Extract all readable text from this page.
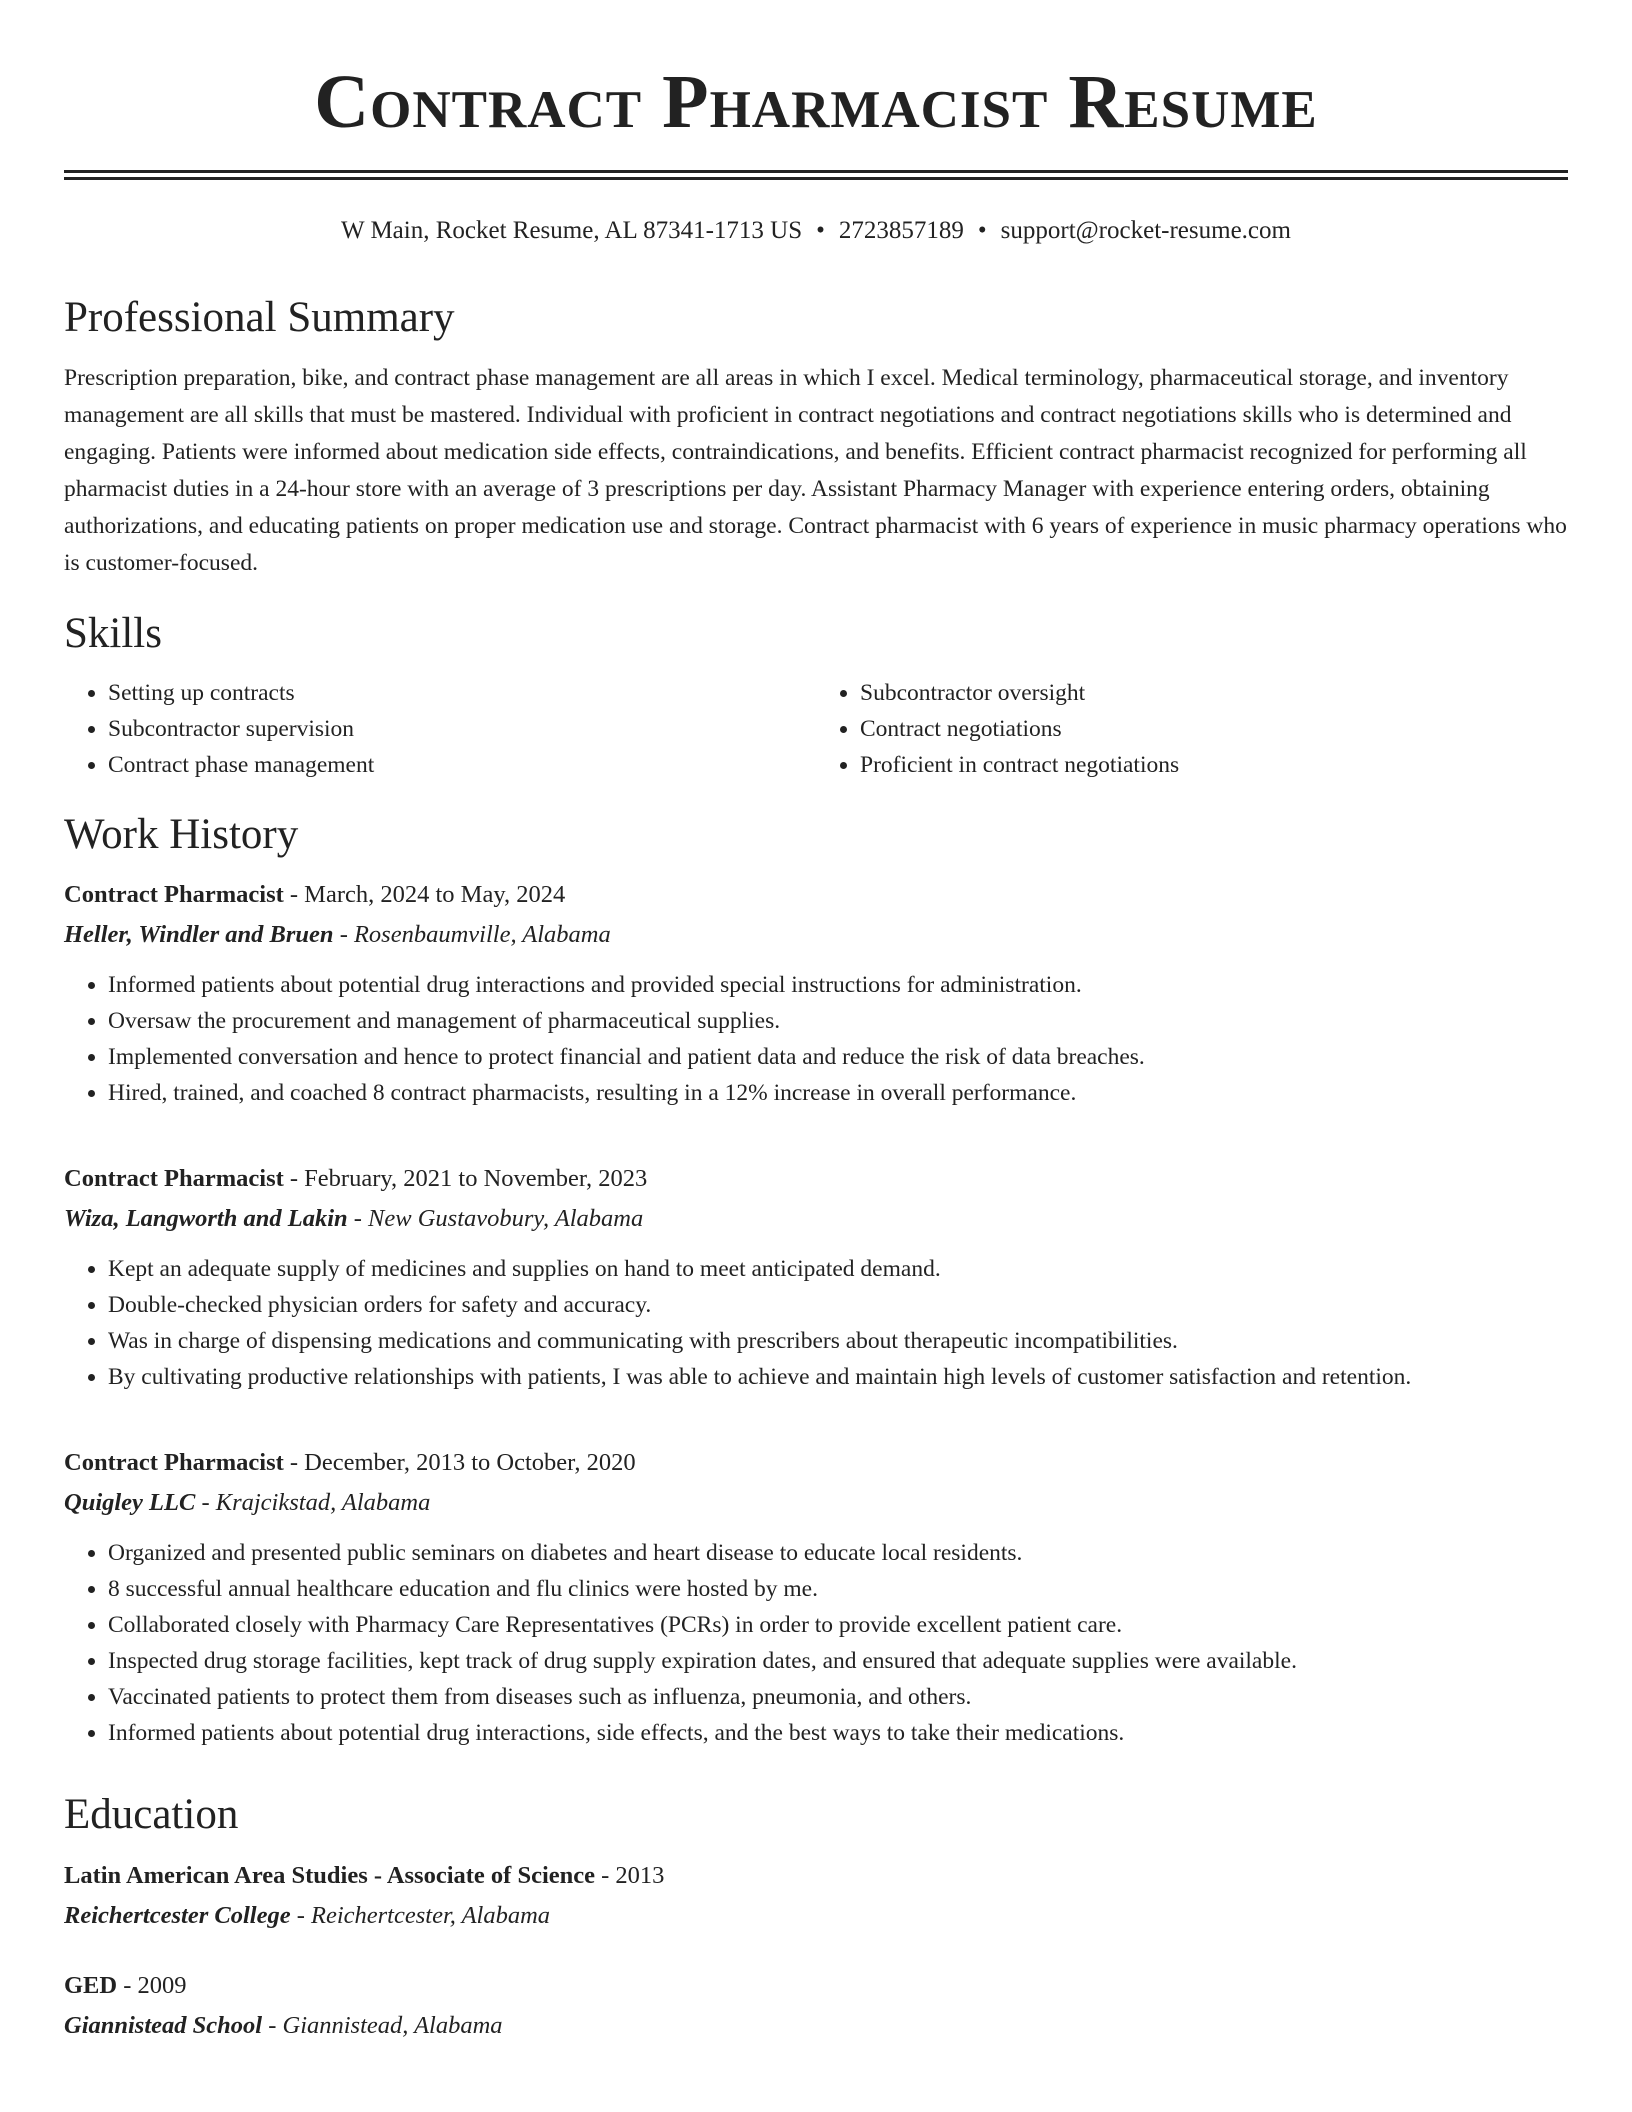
Contract Pharmacist Resume
W Main, Rocket Resume, AL 87341-1713 US • 2723857189 • support@rocket-resume.com
Professional Summary

Prescription preparation, bike, and contract phase management are all areas in which I excel. Medical terminology, pharmaceutical storage, and inventory management are all skills that must be mastered. Individual with proficient in contract negotiations and contract negotiations skills who is determined and engaging. Patients were informed about medication side effects, contraindications, and benefits. Efficient contract pharmacist recognized for performing all pharmacist duties in a 24-hour store with an average of 3 prescriptions per day. Assistant Pharmacy Manager with experience entering orders, obtaining authorizations, and educating patients on proper medication use and storage. Contract pharmacist with 6 years of experience in music pharmacy operations who is customer-focused.

Skills
• Setting up contracts
• Subcontractor supervision
• Contract phase management
• Subcontractor oversight
• Contract negotiations
• Proficient in contract negotiations
Work History
Contract Pharmacist - March, 2024 to May, 2024
Heller, Windler and Bruen - Rosenbaumville, Alabama
• Informed patients about potential drug interactions and provided special instructions for administration.
• Oversaw the procurement and management of pharmaceutical supplies.
• Implemented conversation and hence to protect financial and patient data and reduce the risk of data breaches.
• Hired, trained, and coached 8 contract pharmacists, resulting in a 12% increase in overall performance.
Contract Pharmacist - February, 2021 to November, 2023
Wiza, Langworth and Lakin - New Gustavobury, Alabama
• Kept an adequate supply of medicines and supplies on hand to meet anticipated demand.
• Double-checked physician orders for safety and accuracy.
• Was in charge of dispensing medications and communicating with prescribers about therapeutic incompatibilities.
• By cultivating productive relationships with patients, I was able to achieve and maintain high levels of customer satisfaction and retention.
Contract Pharmacist - December, 2013 to October, 2020
Quigley LLC - Krajcikstad, Alabama
• Organized and presented public seminars on diabetes and heart disease to educate local residents.
• 8 successful annual healthcare education and flu clinics were hosted by me.
• Collaborated closely with Pharmacy Care Representatives (PCRs) in order to provide excellent patient care.
• Inspected drug storage facilities, kept track of drug supply expiration dates, and ensured that adequate supplies were available.
• Vaccinated patients to protect them from diseases such as influenza, pneumonia, and others.
• Informed patients about potential drug interactions, side effects, and the best ways to take their medications.
Education
Latin American Area Studies - Associate of Science - 2013
Reichertcester College - Reichertcester, Alabama
GED - 2009
Giannistead School - Giannistead, Alabama
